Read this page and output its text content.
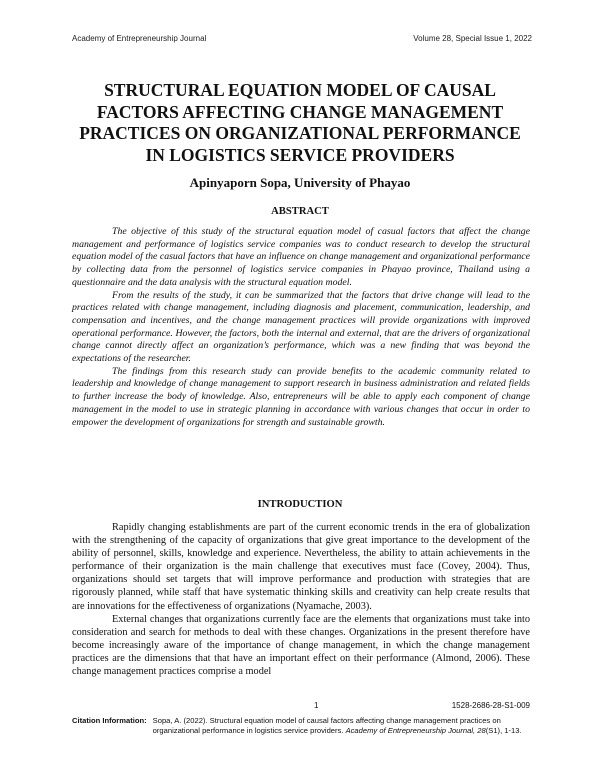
Academy of Entrepreneurship Journal	Volume 28, Special Issue 1, 2022
STRUCTURAL EQUATION MODEL OF CAUSAL FACTORS AFFECTING CHANGE MANAGEMENT PRACTICES ON ORGANIZATIONAL PERFORMANCE IN LOGISTICS SERVICE PROVIDERS
Apinyaporn Sopa, University of Phayao
ABSTRACT

The objective of this study of the structural equation model of casual factors that affect the change management and performance of logistics service companies was to conduct research to develop the structural equation model of the casual factors that have an influence on change management and organizational performance by collecting data from the personnel of logistics service companies in Phayao province, Thailand using a questionnaire and the data analysis with the structural equation model.

From the results of the study, it can be summarized that the factors that drive change will lead to the practices related with change management, including diagnosis and placement, communication, leadership, and compensation and incentives, and the change management practices will provide organizations with improved operational performance. However, the factors, both the internal and external, that are the drivers of organizational change cannot directly affect an organization’s performance, which was a new finding that was beyond the expectations of the researcher.

The findings from this research study can provide benefits to the academic community related to leadership and knowledge of change management to support research in business administration and related fields to further increase the body of knowledge. Also, entrepreneurs will be able to apply each component of change management in the model to use in strategic planning in accordance with various changes that occur in order to empower the development of organizations for strength and sustainable growth.

INTRODUCTION

Rapidly changing establishments are part of the current economic trends in the era of globalization with the strengthening of the capacity of organizations that give great importance to the development of the ability of personnel, skills, knowledge and experience. Nevertheless, the ability to attain achievements in the performance of their organization is the main challenge that executives must face (Covey, 2004). Thus, organizations should set targets that will improve performance and production with strategies that are rigorously planned, while staff that have systematic thinking skills and creativity can help create results that are innovations for the effectiveness of organizations (Nyamache, 2003).

External changes that organizations currently face are the elements that organizations must take into consideration and search for methods to deal with these changes. Organizations in the present therefore have become increasingly aware of the importance of change management, in which the change management practices are the dimensions that that have an important effect on their performance (Almond, 2006). These change management practices comprise a model

1	1528-2686-28-S1-009
Citation Information: Sopa, A. (2022). Structural equation model of causal factors affecting change management practices on organizational performance in logistics service providers. Academy of Entrepreneurship Journal, 28(S1), 1-13.
